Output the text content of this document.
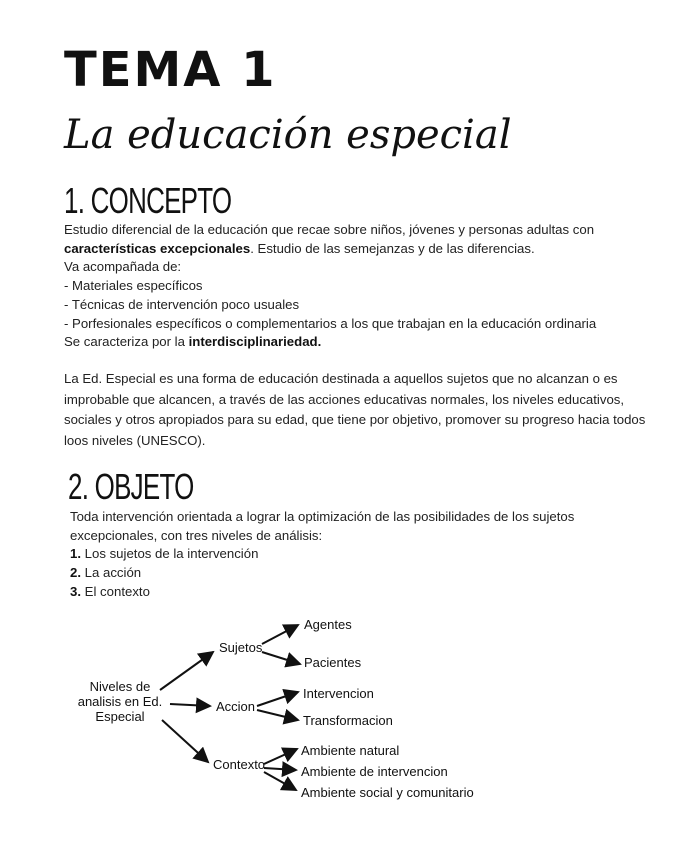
TEMA 1
La educación especial
1. CONCEPTO
Estudio diferencial de la educación que recae sobre niños, jóvenes y personas adultas con
características excepcionales. Estudio de las semejanzas y de las diferencias.
Va acompañada de:
- Materiales específicos
- Técnicas de intervención poco usuales
- Porfesionales específicos o complementarios a los que trabajan en la educación ordinaria
Se caracteriza por la interdisciplinariedad.
La Ed. Especial es una forma de educación destinada a aquellos sujetos que no alcanzan o es
improbable que alcancen, a través de las acciones educativas normales, los niveles educativos,
sociales y otros apropiados para su edad, que tiene por objetivo, promover su progreso hacia todos
loos niveles (UNESCO).
2. OBJETO
Toda intervención orientada a lograr la optimización de las posibilidades de los sujetos
excepcionales, con tres niveles de análisis:
1. Los sujetos de la intervención
2. La acción
3. El contexto
Niveles de
analisis en Ed.
Especial
Sujetos
Accion
Contexto
Agentes
Pacientes
Intervencion
Transformacion
Ambiente natural
Ambiente de intervencion
Ambiente social y comunitario
